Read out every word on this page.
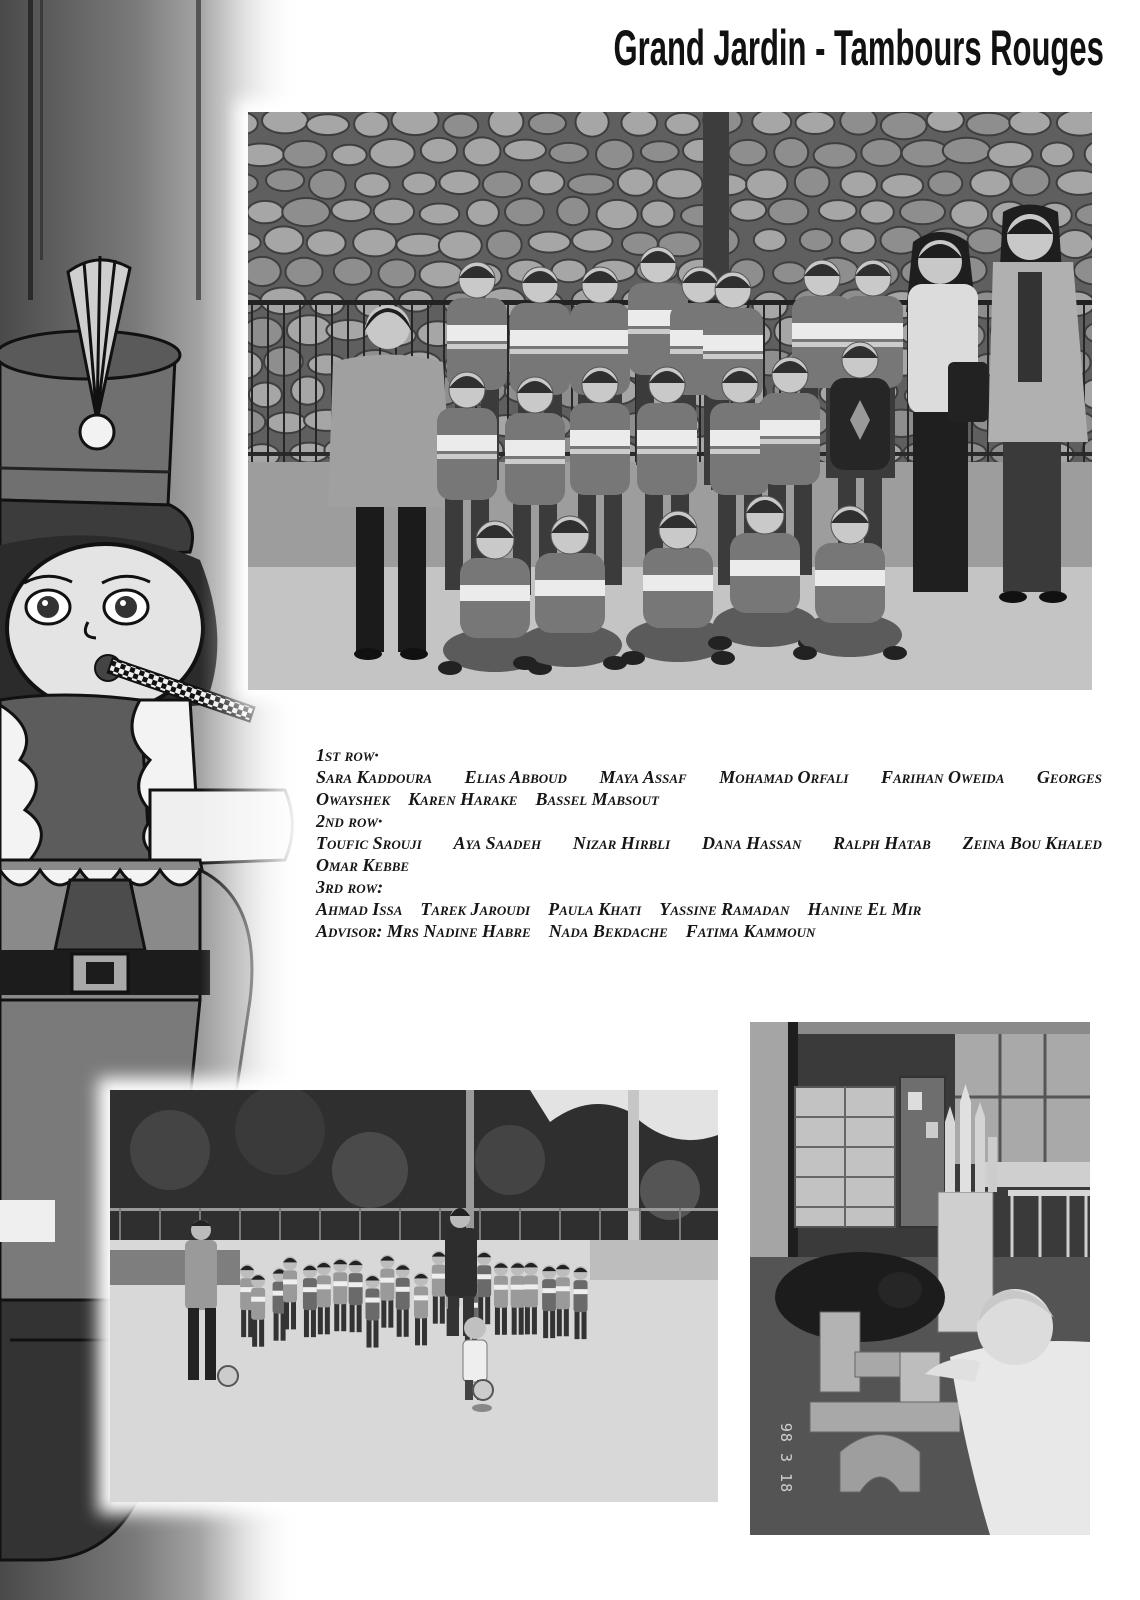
Grand Jardin - Tambours Rouges
1st row·
Sara Kaddoura Elias Abboud Maya Assaf Mohamad Orfali Farihan Oweida Georges
Owayshek Karen Harake Bassel Mabsout
2nd row·
Toufic Srouji Aya Saadeh Nizar Hirbli Dana Hassan Ralph Hatab Zeina Bou Khaled
Omar Kebbe
3rd row:
Ahmad Issa Tarek Jaroudi Paula Khati Yassine Ramadan Hanine El Mir
Advisor: Mrs Nadine Habre Nada Bekdache Fatima Kammoun
98 3 18
